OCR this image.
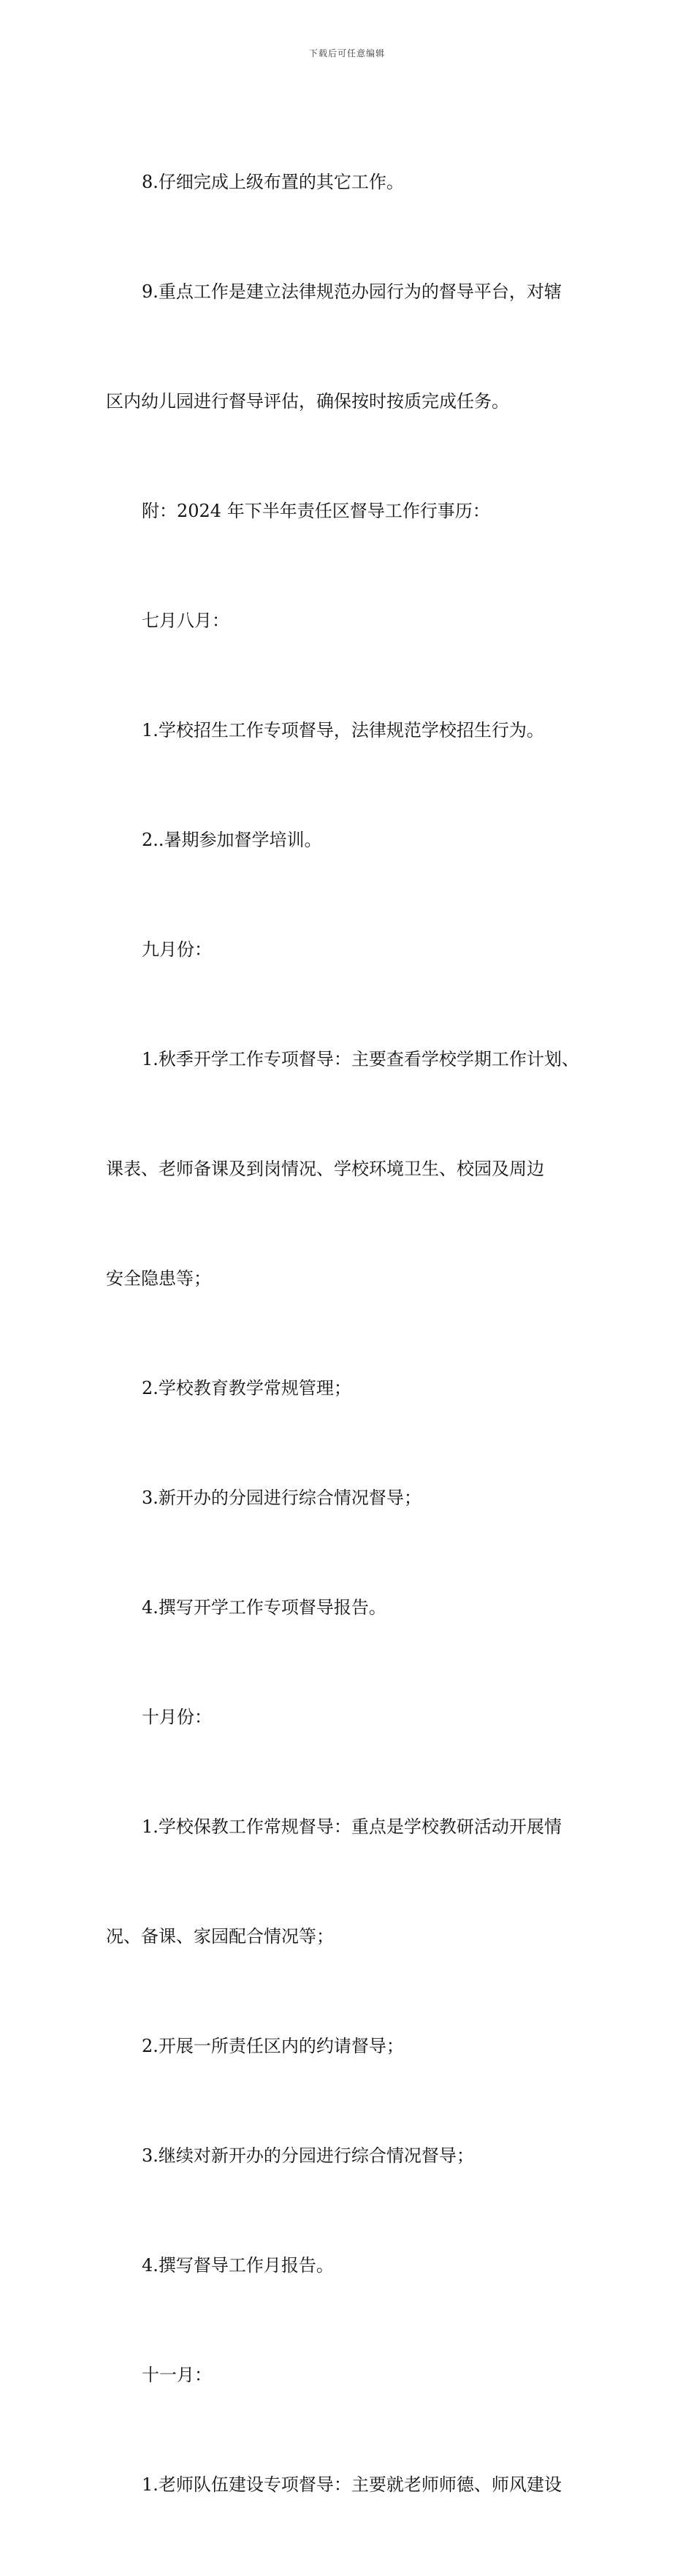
下载后可任意编辑

8.仔细完成上级布置的其它工作。

9.重点工作是建立法律规范办园行为的督导平台，对辖

区内幼儿园进行督导评估，确保按时按质完成任务。

附：2024 年下半年责任区督导工作行事历：

七月八月：

1.学校招生工作专项督导，法律规范学校招生行为。

2..暑期参加督学培训。

九月份：

1.秋季开学工作专项督导：主要查看学校学期工作计划、

课表、老师备课及到岗情况、学校环境卫生、校园及周边

安全隐患等；

2.学校教育教学常规管理；

3.新开办的分园进行综合情况督导；

4.撰写开学工作专项督导报告。

十月份：

1.学校保教工作常规督导：重点是学校教研活动开展情

况、备课、家园配合情况等；

2.开展一所责任区内的约请督导；

3.继续对新开办的分园进行综合情况督导；

4.撰写督导工作月报告。

十一月：

1.老师队伍建设专项督导：主要就老师师德、师风建设
